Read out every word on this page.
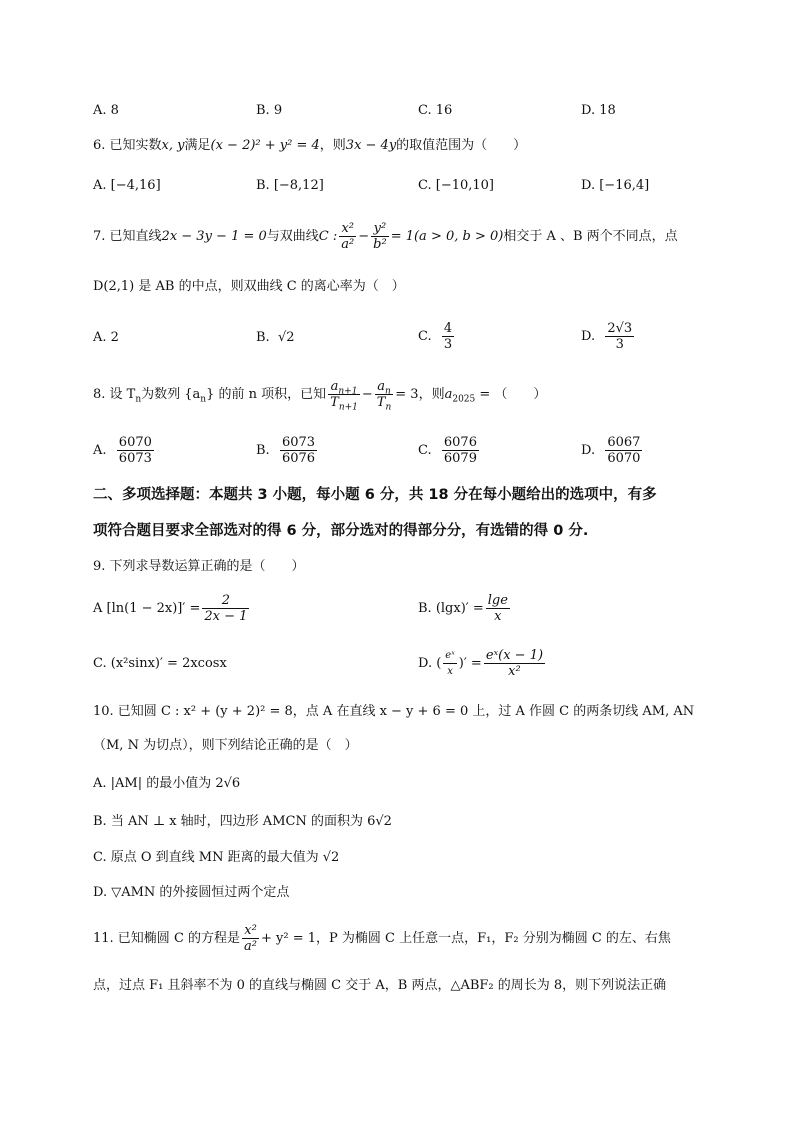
A. 8	B. 9	C. 16	D. 18
6. 已知实数x, y满足(x − 2)² + y² = 4，则3x − 4y的取值范围为（　　）
A. [−4,16]	B. [−8,12]	C. [−10,10]	D. [−16,4]
7. 已知直线2x − 3y − 1 = 0与双曲线C : $\frac{\text{x²}}{\text{a²}} - \frac{\text{y²}}{\text{b²}} = 1(a > 0$, b > 0)相交于 A 、B 两个不同点，点
D(2,1) 是 AB 的中点，则双曲线 C 的离心率为（　）
A. 2	B. √2	C. $\frac{4}{3}$	D. $\frac{2√3}{3}$
8. 设 $T_n$为数列 $\{a_n\}$ 的前 n 项积，已知 $\frac{a_{n+1}}{T_{n+1}} - \frac{a_n}{T_n} = 3$，则$a_{2025}$ = （　　）
A. $\frac{6070}{6073}$	B. $\frac{6073}{6076}$	C. $\frac{6076}{6079}$	D. $\frac{6067}{6070}$
二、多项选择题：本题共 3 小题，每小题 6 分，共 18 分在每小题给出的选项中，有多
项符合题目要求全部选对的得 6 分，部分选对的得部分分，有选错的得 0 分.
9. 下列求导数运算正确的是（　　）
A $[\ln(1 - 2x)]' = \frac{2}{2x - 1}$	B. $(\lg x)' = \frac{\lg e}{x}$
C. (x²sinx)′ = 2xcosx	D. ( $\frac{\text{eˣ}}{x}$ )′ = $\frac{\text{eˣ(x − 1)}}{\text{x²}}$
10. 已知圆 C : x² + (y + 2)² = 8，点 A 在直线 x − y + 6 = 0 上，过 A 作圆 C 的两条切线 AM, AN
（M, N 为切点），则下列结论正确的是（　）
A. |AM| 的最小值为 2√6
B. 当 AN ⊥ x 轴时，四边形 AMCN 的面积为 6√2
C. 原点 O 到直线 MN 距离的最大值为 √2
D. ▽AMN 的外接圆恒过两个定点
11. 已知椭圆 C 的方程是 $\frac{\text{x²}}{\text{a²}} + y^2 = 1$，P 为椭圆 C 上任意一点，F₁，F₂ 分别为椭圆 C 的左、右焦
点，过点 F₁ 且斜率不为 0 的直线与椭圆 C 交于 A，B 两点，△ABF₂ 的周长为 8，则下列说法正确
